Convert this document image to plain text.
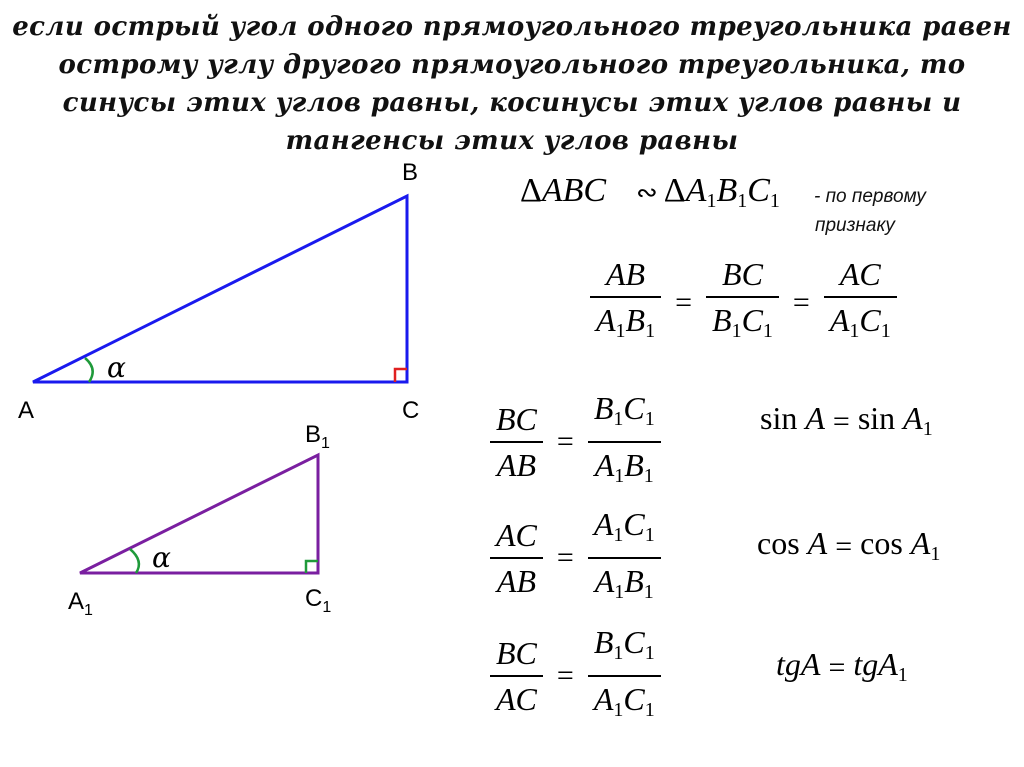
если острый угол одного прямоугольного треугольника равен
острому углу другого прямоугольного треугольника, то
синусы этих углов равны, косинусы этих углов равны и
тангенсы этих углов равны
α
A
B
C
α
$A_1$
$B_1$
$C_1$
ΔABC ∾ ΔA1B1C1 - по первому
признаку
$\frac{AB}{A1B1} = \frac{BC}{B1C1} = \frac{AC}{A1C1}$
$\frac{BC}{AB} = \frac{B1C1}{A1B1}$	sin A = sin A1
$\frac{AC}{AB} = \frac{A1C1}{A1B1}$	cos A = cos A1
$\frac{BC}{AC} = \frac{B1C1}{A1C1}$	tgA = tgA1
